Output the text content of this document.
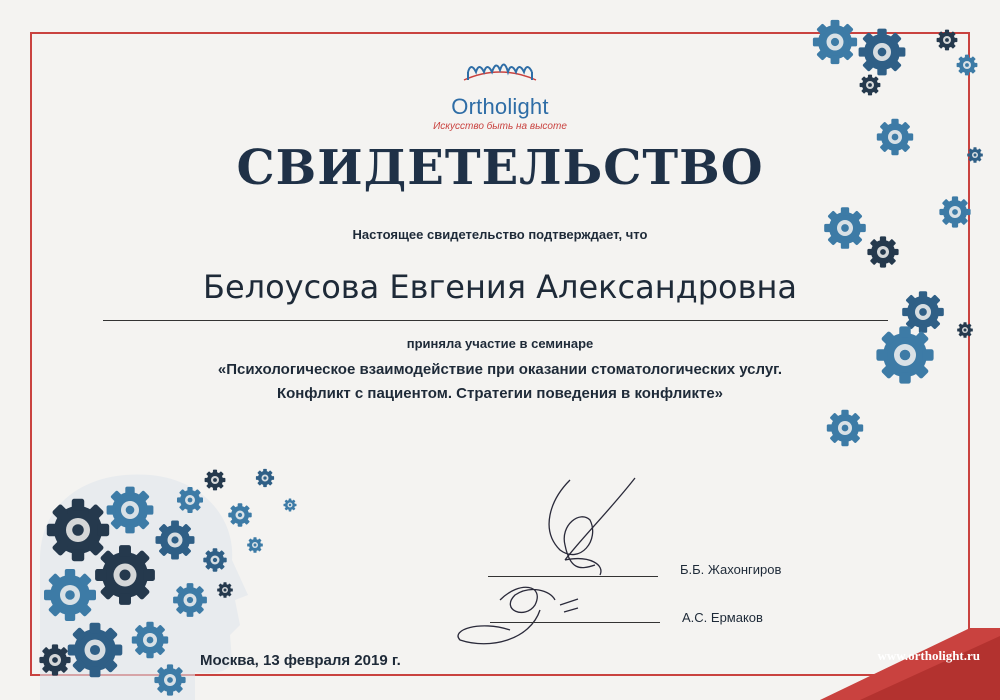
Ortholight
Искусство быть на высоте
СВИДЕТЕЛЬСТВО
Настоящее свидетельство подтверждает, что
Белоусова Евгения Александровна
приняла участие в семинаре
«Психологическое взаимодействие при оказании стоматологических услуг.
Конфликт с пациентом. Стратегии поведения в конфликте»
Б.Б. Жахонгиров
А.С. Ермаков
Москва, 13 февраля 2019 г.	www.ortholight.ru
